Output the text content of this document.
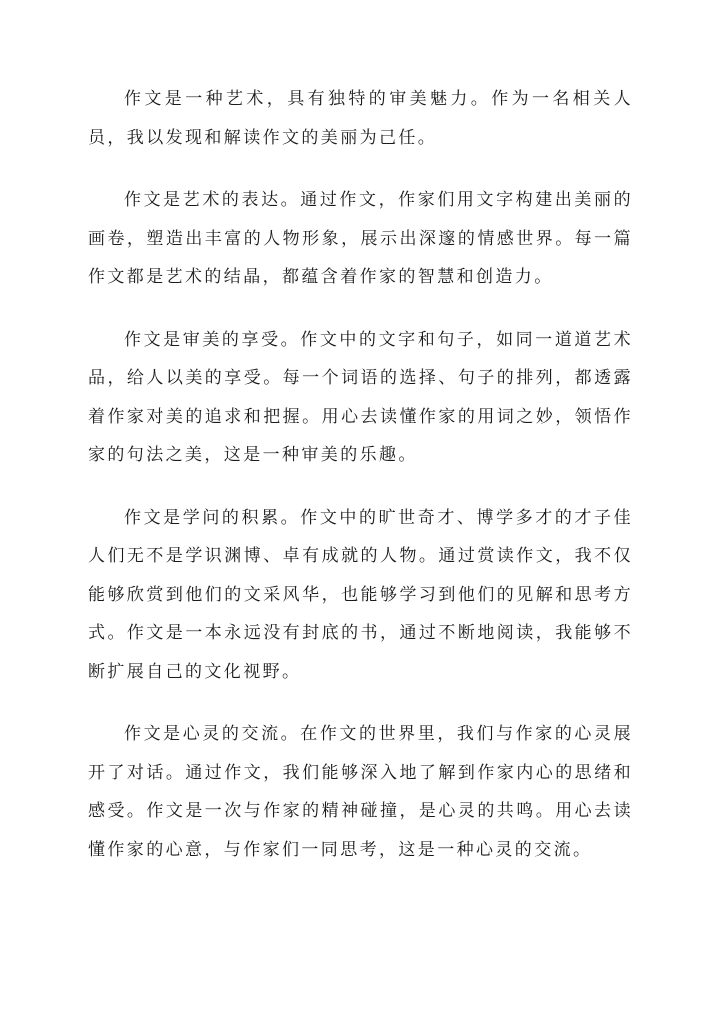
作文是一种艺术，具有独特的审美魅力。作为一名相关人员，我以发现和解读作文的美丽为己任。

作文是艺术的表达。通过作文，作家们用文字构建出美丽的画卷，塑造出丰富的人物形象，展示出深邃的情感世界。每一篇作文都是艺术的结晶，都蕴含着作家的智慧和创造力。

作文是审美的享受。作文中的文字和句子，如同一道道艺术品，给人以美的享受。每一个词语的选择、句子的排列，都透露着作家对美的追求和把握。用心去读懂作家的用词之妙，领悟作家的句法之美，这是一种审美的乐趣。

作文是学问的积累。作文中的旷世奇才、博学多才的才子佳人们无不是学识渊博、卓有成就的人物。通过赏读作文，我不仅能够欣赏到他们的文采风华，也能够学习到他们的见解和思考方式。作文是一本永远没有封底的书，通过不断地阅读，我能够不断扩展自己的文化视野。

作文是心灵的交流。在作文的世界里，我们与作家的心灵展开了对话。通过作文，我们能够深入地了解到作家内心的思绪和感受。作文是一次与作家的精神碰撞，是心灵的共鸣。用心去读懂作家的心意，与作家们一同思考，这是一种心灵的交流。
